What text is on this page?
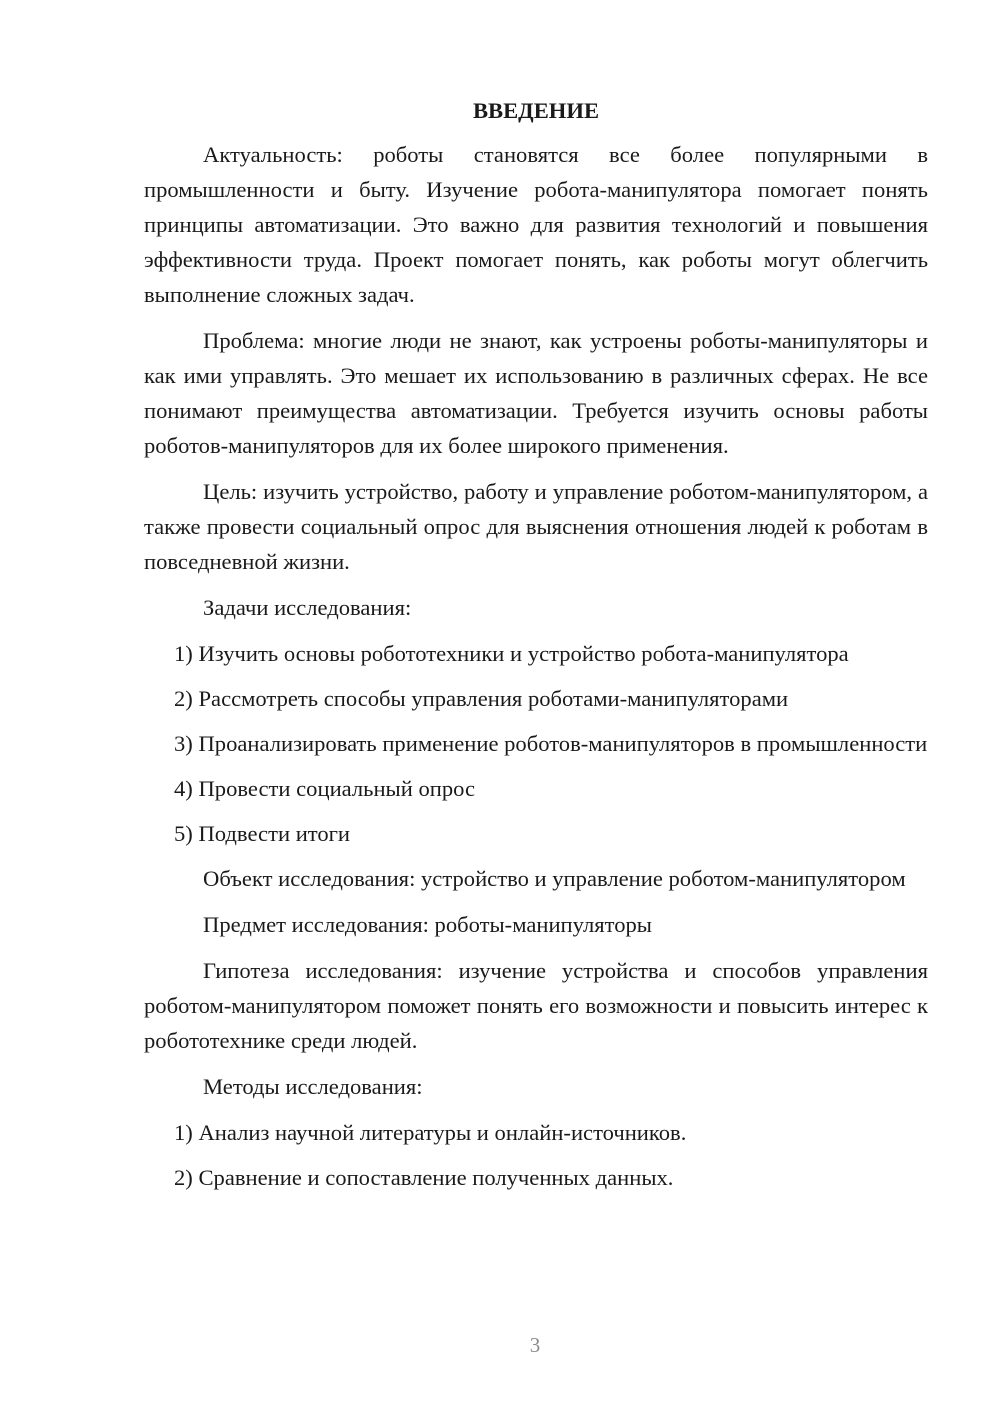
ВВЕДЕНИЕ

Актуальность: роботы становятся все более популярными в промышленности и быту. Изучение робота-манипулятора помогает понять принципы автоматизации. Это важно для развития технологий и повышения эффективности труда. Проект помогает понять, как роботы могут облегчить выполнение сложных задач.

Проблема: многие люди не знают, как устроены роботы-манипуляторы и как ими управлять. Это мешает их использованию в различных сферах. Не все понимают преимущества автоматизации. Требуется изучить основы работы роботов-манипуляторов для их более широкого применения.

Цель: изучить устройство, работу и управление роботом-манипулятором, а также провести социальный опрос для выяснения отношения людей к роботам в повседневной жизни.

Задачи исследования:

1) Изучить основы робототехники и устройство робота-манипулятора

2) Рассмотреть способы управления роботами-манипуляторами

3) Проанализировать применение роботов-манипуляторов в промышленности

4) Провести социальный опрос

5) Подвести итоги

Объект исследования: устройство и управление роботом-манипулятором

Предмет исследования: роботы-манипуляторы

Гипотеза исследования: изучение устройства и способов управления роботом-манипулятором поможет понять его возможности и повысить интерес к робототехнике среди людей.

Методы исследования:

1) Анализ научной литературы и онлайн-источников.

2) Сравнение и сопоставление полученных данных.

3
